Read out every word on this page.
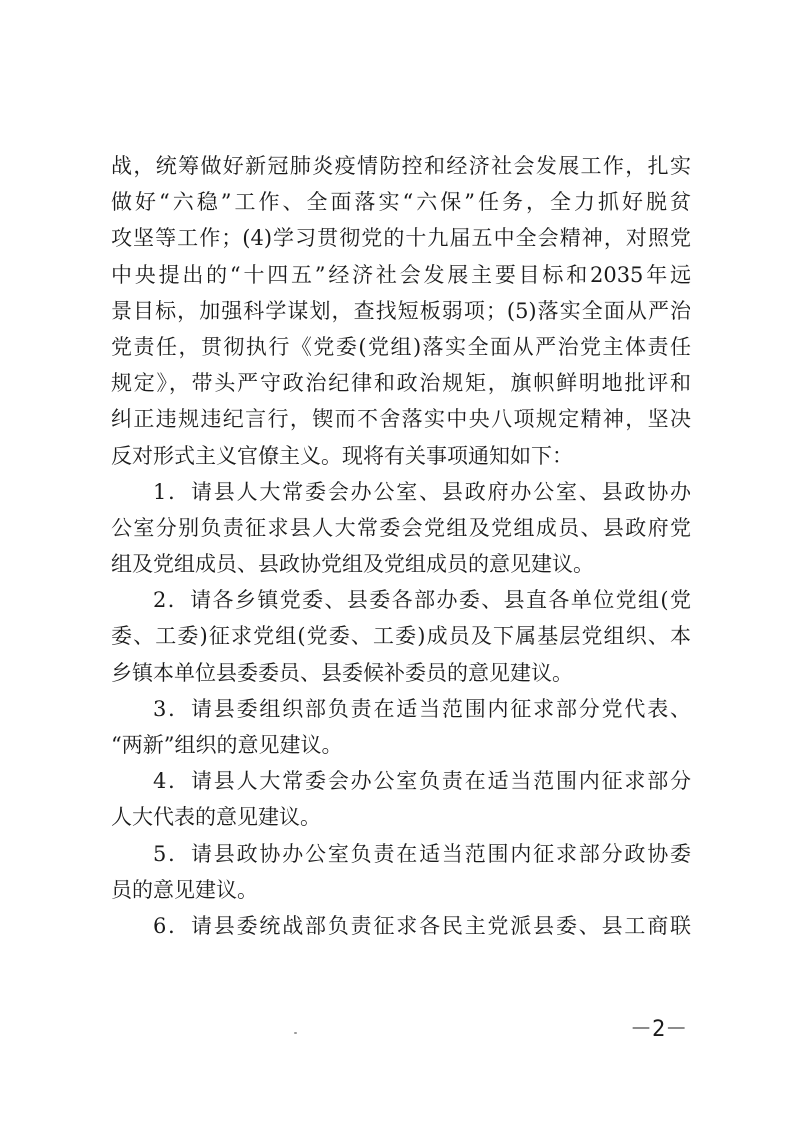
战，统筹做好新冠肺炎疫情防控和经济社会发展工作，扎实
做好“六稳”工作、全面落实“六保”任务，全力抓好脱贫
攻坚等工作；(4)学习贯彻党的十九届五中全会精神，对照党
中央提出的“十四五”经济社会发展主要目标和2035年远
景目标，加强科学谋划，查找短板弱项；(5)落实全面从严治
党责任，贯彻执行《党委(党组)落实全面从严治党主体责任
规定》，带头严守政治纪律和政治规矩，旗帜鲜明地批评和
纠正违规违纪言行，锲而不舍落实中央八项规定精神，坚决
反对形式主义官僚主义。现将有关事项通知如下：
1．请县人大常委会办公室、县政府办公室、县政协办
公室分别负责征求县人大常委会党组及党组成员、县政府党
组及党组成员、县政协党组及党组成员的意见建议。
2．请各乡镇党委、县委各部办委、县直各单位党组(党
委、工委)征求党组(党委、工委)成员及下属基层党组织、本
乡镇本单位县委委员、县委候补委员的意见建议。
3．请县委组织部负责在适当范围内征求部分党代表、
“两新”组织的意见建议。
4．请县人大常委会办公室负责在适当范围内征求部分
人大代表的意见建议。
5．请县政协办公室负责在适当范围内征求部分政协委
员的意见建议。
6．请县委统战部负责征求各民主党派县委、县工商联
－2－
